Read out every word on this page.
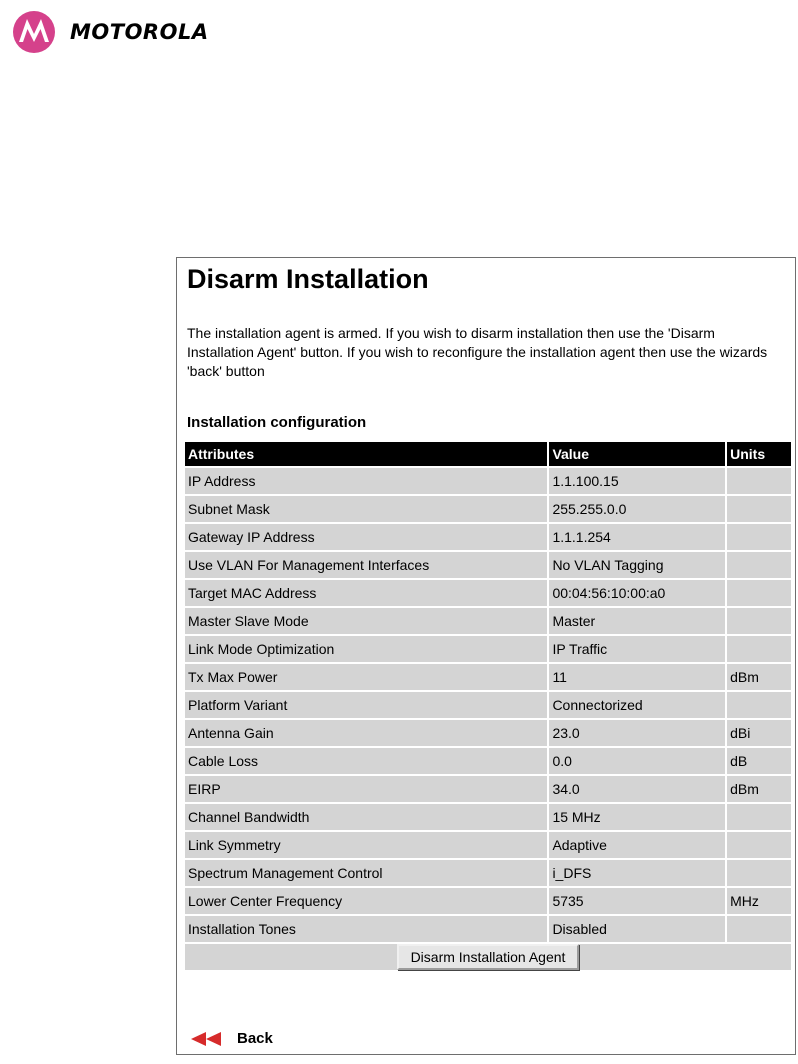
MOTOROLA
Disarm Installation

The installation agent is armed. If you wish to disarm installation then use the 'Disarm Installation Agent' button. If you wish to reconfigure the installation agent then use the wizards 'back' button

Installation configuration
Attributes	Value	Units
IP Address	1.1.100.15	
Subnet Mask	255.255.0.0	
Gateway IP Address	1.1.1.254	
Use VLAN For Management Interfaces	No VLAN Tagging	
Target MAC Address	00:04:56:10:00:a0	
Master Slave Mode	Master	
Link Mode Optimization	IP Traffic	
Tx Max Power	11	dBm
Platform Variant	Connectorized	
Antenna Gain	23.0	dBi
Cable Loss	0.0	dB
EIRP	34.0	dBm
Channel Bandwidth	15 MHz	
Link Symmetry	Adaptive	
Spectrum Management Control	i_DFS	
Lower Center Frequency	5735	MHz
Installation Tones	Disabled	
Disarm Installation Agent		
Back
